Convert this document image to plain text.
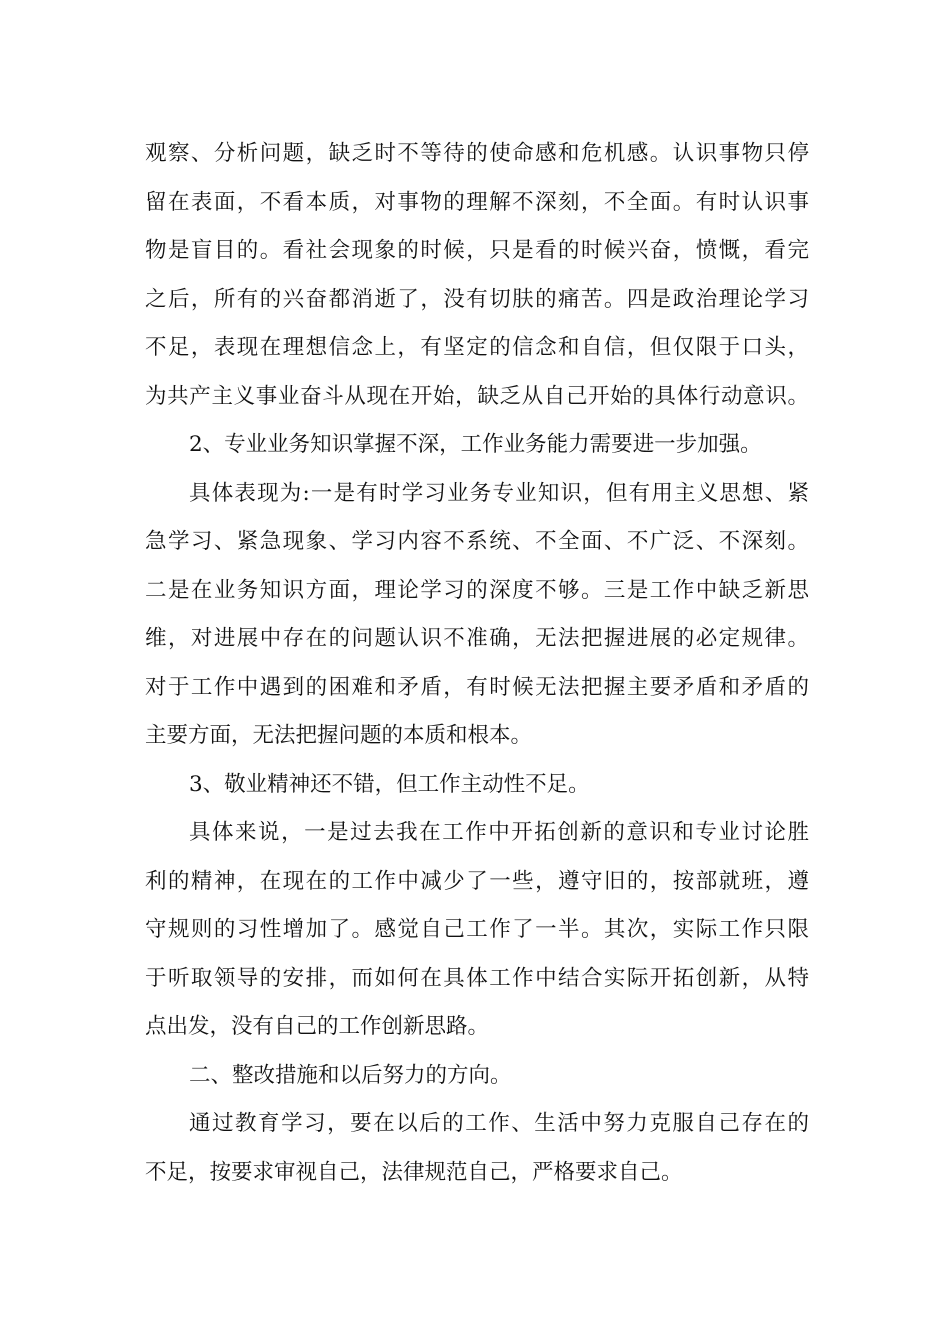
观察、分析问题，缺乏时不等待的使命感和危机感。认识事物只停
留在表面，不看本质，对事物的理解不深刻，不全面。有时认识事
物是盲目的。看社会现象的时候，只是看的时候兴奋，愤慨，看完
之后，所有的兴奋都消逝了，没有切肤的痛苦。四是政治理论学习
不足，表现在理想信念上，有坚定的信念和自信，但仅限于口头，
为共产主义事业奋斗从现在开始，缺乏从自己开始的具体行动意识。
2、专业业务知识掌握不深，工作业务能力需要进一步加强。
具体表现为:一是有时学习业务专业知识，但有用主义思想、紧
急学习、紧急现象、学习内容不系统、不全面、不广泛、不深刻。
二是在业务知识方面，理论学习的深度不够。三是工作中缺乏新思
维，对进展中存在的问题认识不准确，无法把握进展的必定规律。
对于工作中遇到的困难和矛盾，有时候无法把握主要矛盾和矛盾的
主要方面，无法把握问题的本质和根本。
3、敬业精神还不错，但工作主动性不足。
具体来说，一是过去我在工作中开拓创新的意识和专业讨论胜
利的精神，在现在的工作中减少了一些，遵守旧的，按部就班，遵
守规则的习性增加了。感觉自己工作了一半。其次，实际工作只限
于听取领导的安排，而如何在具体工作中结合实际开拓创新，从特
点出发，没有自己的工作创新思路。
二、整改措施和以后努力的方向。
通过教育学习，要在以后的工作、生活中努力克服自己存在的
不足，按要求审视自己，法律规范自己，严格要求自己。
